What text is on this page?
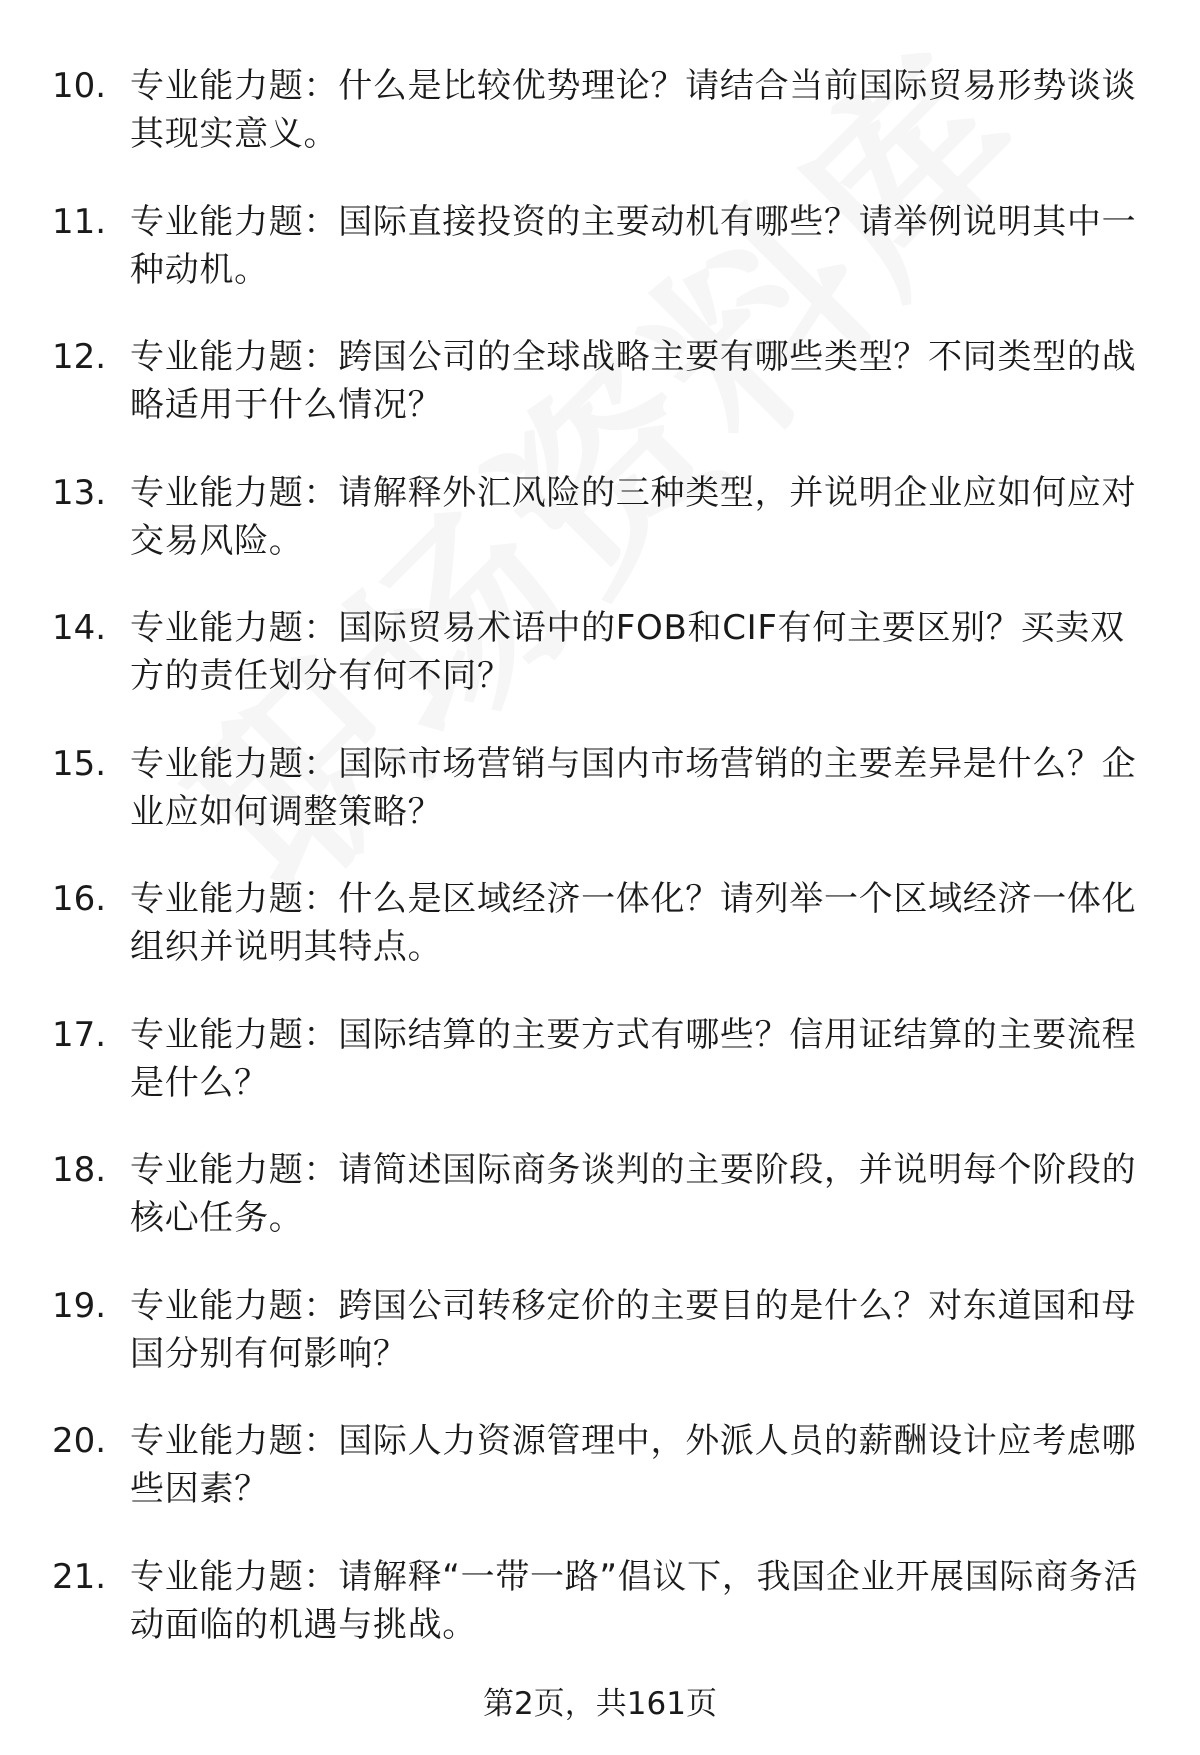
10. 专业能力题：什么是比较优势理论？请结合当前国际贸易形势谈谈其现实意义。
11. 专业能力题：国际直接投资的主要动机有哪些？请举例说明其中一种动机。
12. 专业能力题：跨国公司的全球战略主要有哪些类型？不同类型的战略适用于什么情况？
13. 专业能力题：请解释外汇风险的三种类型，并说明企业应如何应对交易风险。
14. 专业能力题：国际贸易术语中的FOB和CIF有何主要区别？买卖双方的责任划分有何不同？
15. 专业能力题：国际市场营销与国内市场营销的主要差异是什么？企业应如何调整策略？
16. 专业能力题：什么是区域经济一体化？请列举一个区域经济一体化组织并说明其特点。
17. 专业能力题：国际结算的主要方式有哪些？信用证结算的主要流程是什么？
18. 专业能力题：请简述国际商务谈判的主要阶段，并说明每个阶段的核心任务。
19. 专业能力题：跨国公司转移定价的主要目的是什么？对东道国和母国分别有何影响？
20. 专业能力题：国际人力资源管理中，外派人员的薪酬设计应考虑哪些因素？
21. 专业能力题：请解释“一带一路”倡议下，我国企业开展国际商务活动面临的机遇与挑战。
第2页，共161页
